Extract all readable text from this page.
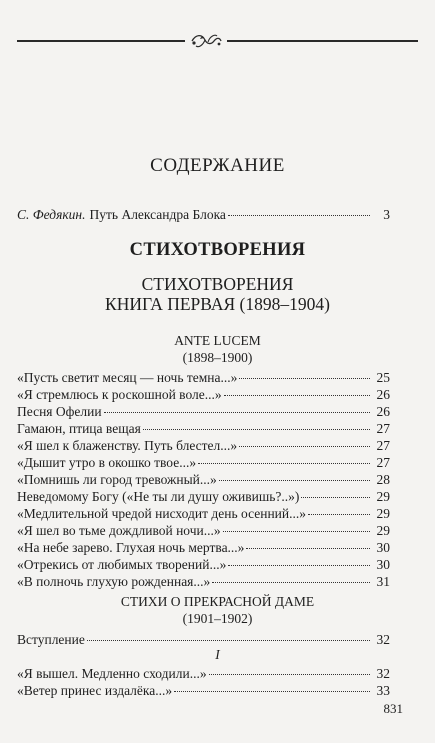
СОДЕРЖАНИЕ
С. Федякин. Путь Александра Блока	3
СТИХОТВОРЕНИЯ
СТИХОТВОРЕНИЯ
КНИГА ПЕРВАЯ (1898–1904)
ANTE LUCEM
(1898–1900)
«Пусть светит месяц — ночь темна...»	25
«Я стремлюсь к роскошной воле...»	26
Песня Офелии	26
Гамаюн, птица вещая	27
«Я шел к блаженству. Путь блестел...»	27
«Дышит утро в окошко твое...»	27
«Помнишь ли город тревожный...»	28
Неведомому Богу («Не ты ли душу оживишь?..»)	29
«Медлительной чредой нисходит день осенний...»	29
«Я шел во тьме дождливой ночи...»	29
«На небе зарево. Глухая ночь мертва...»	30
«Отрекись от любимых творений...»	30
«В полночь глухую рожденная...»	31
СТИХИ О ПРЕКРАСНОЙ ДАМЕ
(1901–1902)
Вступление	32
I
«Я вышел. Медленно сходили...»	32
«Ветер принес издалёка...»	33
831
